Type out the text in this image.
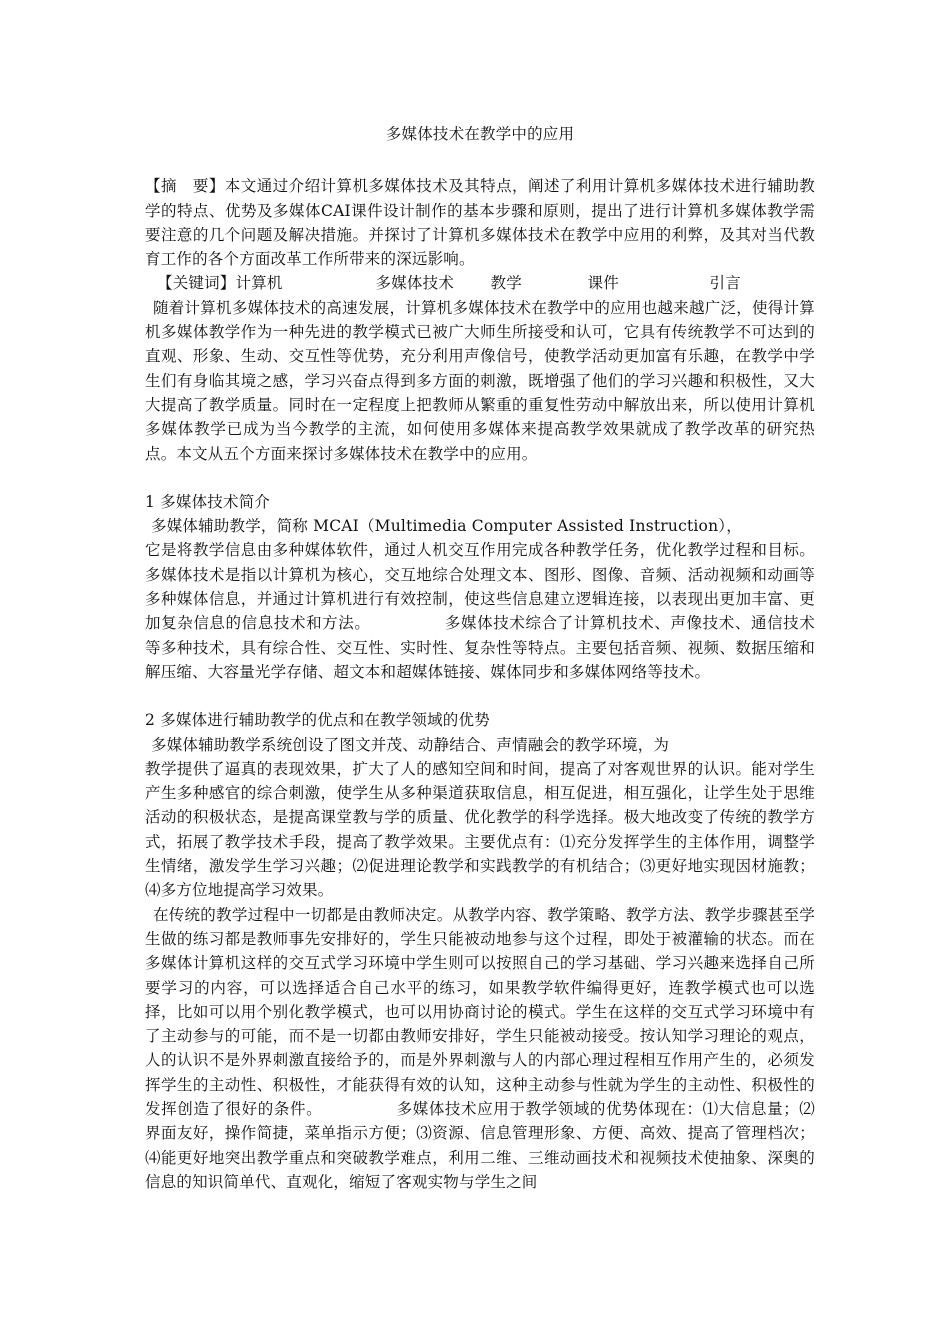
多媒体技术在教学中的应用
【摘　要】本文通过介绍计算机多媒体技术及其特点，阐述了利用计算机多媒体技术进行辅助教学的特点、优势及多媒体CAI课件设计制作的基本步骤和原则，提出了进行计算机多媒体教学需要注意的几个问题及解决措施。并探讨了计算机多媒体技术在教学中应用的利弊，及其对当代教育工作的各个方面改革工作所带来的深远影响。
【关键词】计算机	多媒体技术 教学	课件	引言
随着计算机多媒体技术的高速发展，计算机多媒体技术在教学中的应用也越来越广泛，使得计算机多媒体教学作为一种先进的教学模式已被广大师生所接受和认可，它具有传统教学不可达到的直观、形象、生动、交互性等优势，充分利用声像信号，使教学活动更加富有乐趣，在教学中学生们有身临其境之感，学习兴奋点得到多方面的刺激，既增强了他们的学习兴趣和积极性，又大大提高了教学质量。同时在一定程度上把教师从繁重的重复性劳动中解放出来，所以使用计算机多媒体教学已成为当今教学的主流，如何使用多媒体来提高教学效果就成了教学改革的研究热点。本文从五个方面来探讨多媒体技术在教学中的应用。
1 多媒体技术简介
多媒体辅助教学，简称 MCAI（Multimedia Computer Assisted Instruction），
它是将教学信息由多种媒体软件，通过人机交互作用完成各种教学任务，优化教学过程和目标。多媒体技术是指以计算机为核心，交互地综合处理文本、图形、图像、音频、活动视频和动画等多种媒体信息，并通过计算机进行有效控制，使这些信息建立逻辑连接，以表现出更加丰富、更加复杂信息的信息技术和方法。	多媒体技术综合了计算机技术、声像技术、通信技术等多种技术，具有综合性、交互性、实时性、复杂性等特点。主要包括音频、视频、数据压缩和解压缩、大容量光学存储、超文本和超媒体链接、媒体同步和多媒体网络等技术。
2 多媒体进行辅助教学的优点和在教学领域的优势
多媒体辅助教学系统创设了图文并茂、动静结合、声情融会的教学环境，为
教学提供了逼真的表现效果，扩大了人的感知空间和时间，提高了对客观世界的认识。能对学生产生多种感官的综合刺激，使学生从多种渠道获取信息，相互促进，相互强化，让学生处于思维活动的积极状态，是提高课堂教与学的质量、优化教学的科学选择。极大地改变了传统的教学方式，拓展了教学技术手段，提高了教学效果。主要优点有：⑴充分发挥学生的主体作用，调整学生情绪，激发学生学习兴趣；⑵促进理论教学和实践教学的有机结合；⑶更好地实现因材施教；⑷多方位地提高学习效果。
在传统的教学过程中一切都是由教师决定。从教学内容、教学策略、教学方法、教学步骤甚至学生做的练习都是教师事先安排好的，学生只能被动地参与这个过程，即处于被灌输的状态。而在多媒体计算机这样的交互式学习环境中学生则可以按照自己的学习基础、学习兴趣来选择自己所要学习的内容，可以选择适合自己水平的练习，如果教学软件编得更好，连教学模式也可以选择，比如可以用个别化教学模式，也可以用协商讨论的模式。学生在这样的交互式学习环境中有了主动参与的可能，而不是一切都由教师安排好，学生只能被动接受。按认知学习理论的观点，人的认识不是外界刺激直接给予的，而是外界刺激与人的内部心理过程相互作用产生的，必须发挥学生的主动性、积极性，才能获得有效的认知，这种主动参与性就为学生的主动性、积极性的发挥创造了很好的条件。	多媒体技术应用于教学领域的优势体现在：⑴大信息量；⑵界面友好，操作简捷，菜单指示方便；⑶资源、信息管理形象、方便、高效、提高了管理档次；⑷能更好地突出教学重点和突破教学难点，利用二维、三维动画技术和视频技术使抽象、深奥的信息的知识简单代、直观化，缩短了客观实物与学生之间
